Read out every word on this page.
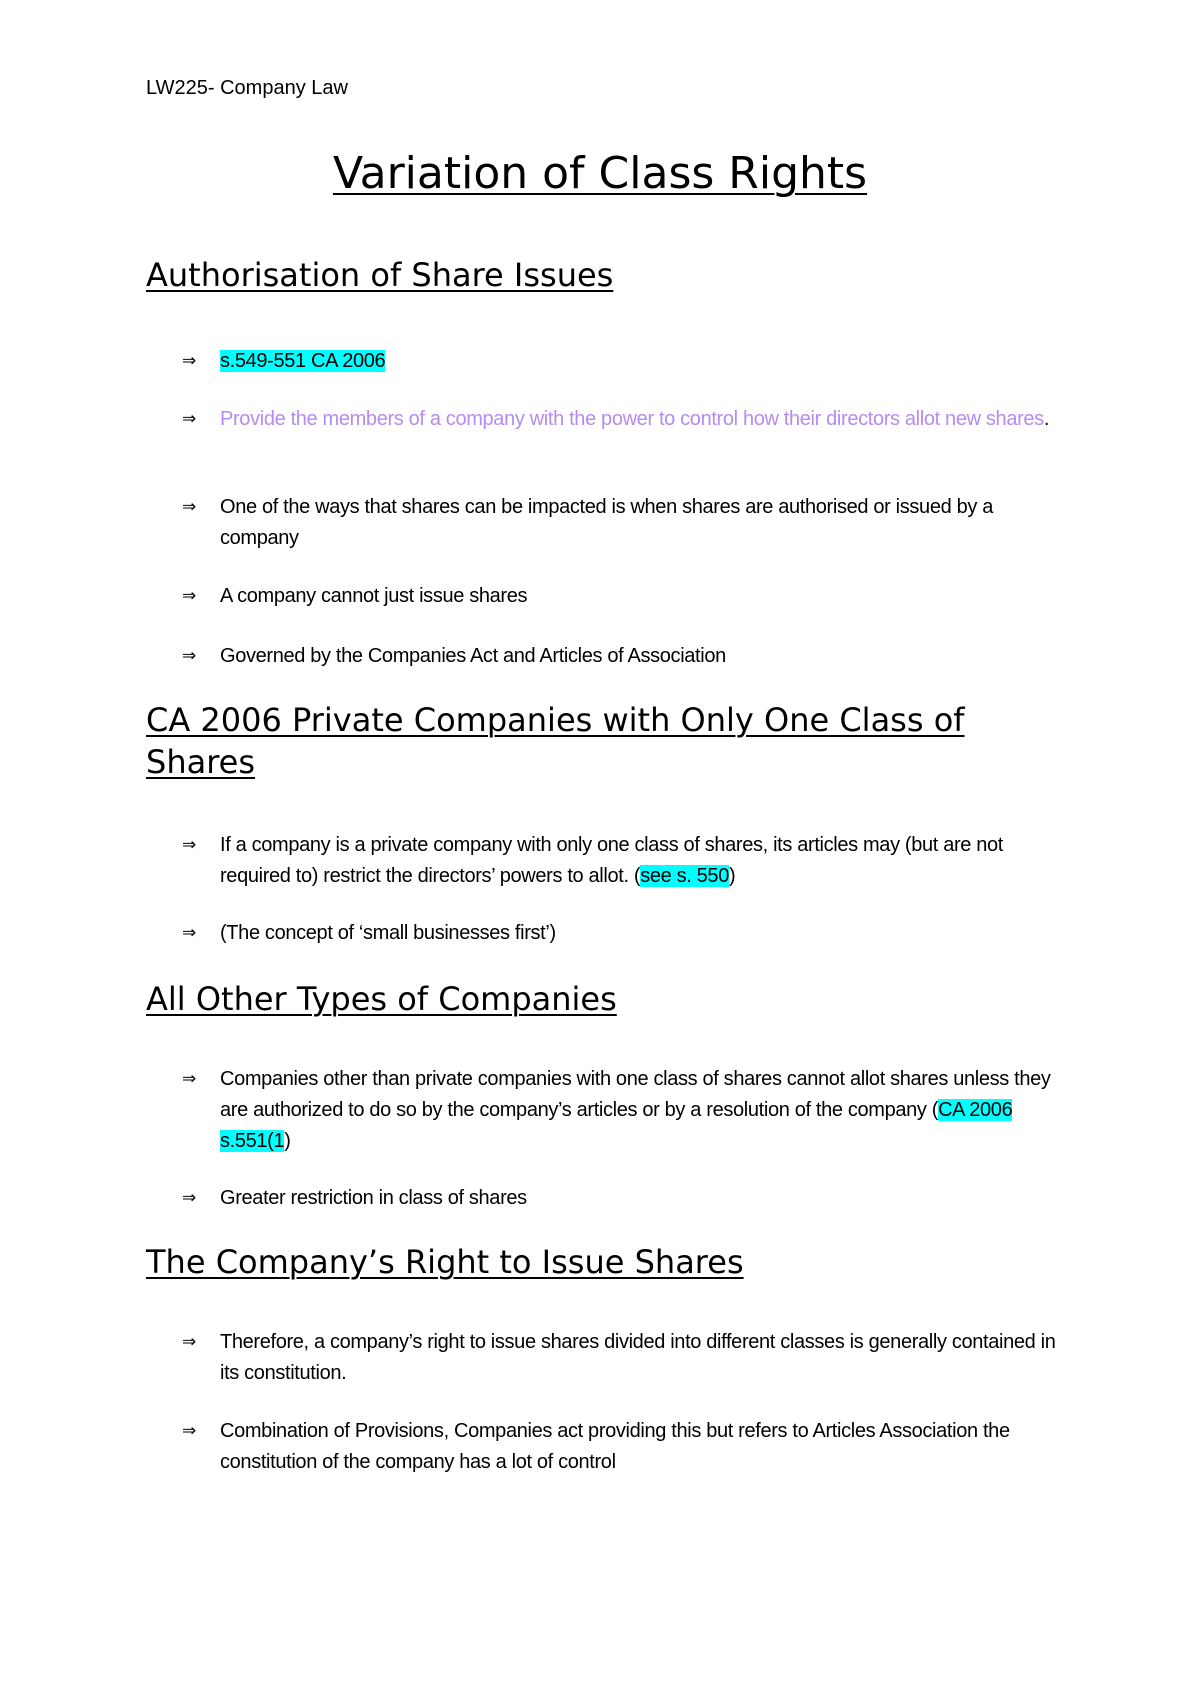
LW225- Company Law
Variation of Class Rights
Authorisation of Share Issues
⇒	s.549-551 CA 2006
⇒	Provide the members of a company with the power to control how their directors allot new shares.
⇒	One of the ways that shares can be impacted is when shares are authorised or issued by a company
⇒	A company cannot just issue shares
⇒	Governed by the Companies Act and Articles of Association
CA 2006 Private Companies with Only One Class of Shares
⇒	If a company is a private company with only one class of shares, its articles may (but are not required to) restrict the directors’ powers to allot. (see s. 550)
⇒	(The concept of ‘small businesses first’)
All Other Types of Companies
⇒	Companies other than private companies with one class of shares cannot allot shares unless they are authorized to do so by the company’s articles or by a resolution of the company (CA 2006 s.551(1)
⇒	Greater restriction in class of shares
The Company’s Right to Issue Shares
⇒	Therefore, a company’s right to issue shares divided into different classes is generally contained in its constitution.
⇒	Combination of Provisions, Companies act providing this but refers to Articles Association the constitution of the company has a lot of control
